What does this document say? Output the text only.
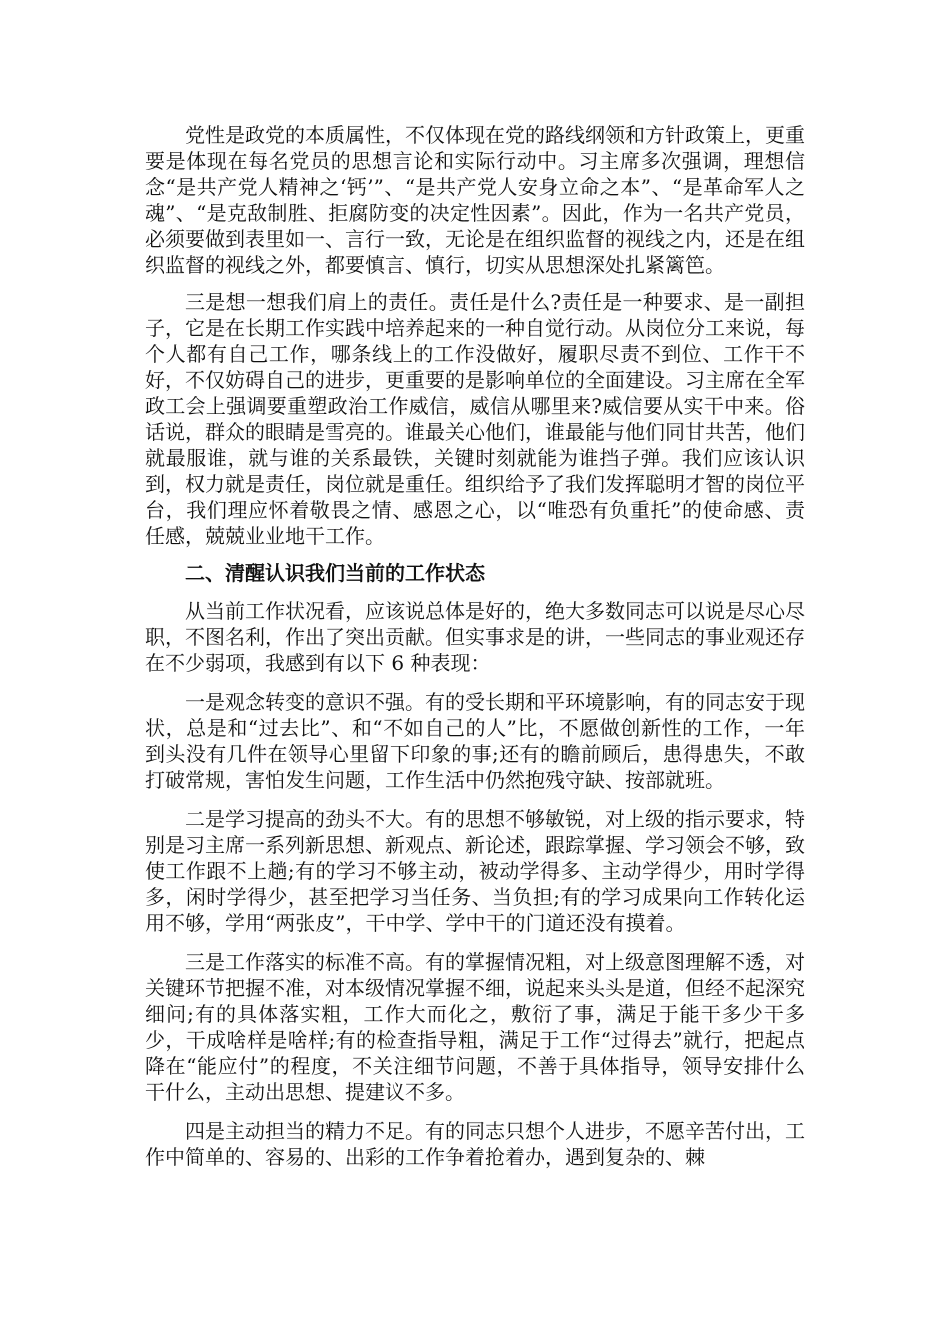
党性是政党的本质属性，不仅体现在党的路线纲领和方针政策上，更重要是体现在每名党员的思想言论和实际行动中。习主席多次强调，理想信念“是共产党人精神之‘钙’”、“是共产党人安身立命之本”、“是革命军人之魂”、“是克敌制胜、拒腐防变的决定性因素”。因此，作为一名共产党员，必须要做到表里如一、言行一致，无论是在组织监督的视线之内，还是在组织监督的视线之外，都要慎言、慎行，切实从思想深处扎紧篱笆。

三是想一想我们肩上的责任。责任是什么?责任是一种要求、是一副担子，它是在长期工作实践中培养起来的一种自觉行动。从岗位分工来说，每个人都有自己工作，哪条线上的工作没做好，履职尽责不到位、工作干不好，不仅妨碍自己的进步，更重要的是影响单位的全面建设。习主席在全军政工会上强调要重塑政治工作威信，威信从哪里来?威信要从实干中来。俗话说，群众的眼睛是雪亮的。谁最关心他们，谁最能与他们同甘共苦，他们就最服谁，就与谁的关系最铁，关键时刻就能为谁挡子弹。我们应该认识到，权力就是责任，岗位就是重任。组织给予了我们发挥聪明才智的岗位平台，我们理应怀着敬畏之情、感恩之心，以“唯恐有负重托”的使命感、责任感，兢兢业业地干工作。

二、清醒认识我们当前的工作状态

从当前工作状况看，应该说总体是好的，绝大多数同志可以说是尽心尽职，不图名利，作出了突出贡献。但实事求是的讲，一些同志的事业观还存在不少弱项，我感到有以下 6 种表现：

一是观念转变的意识不强。有的受长期和平环境影响，有的同志安于现状，总是和“过去比”、和“不如自己的人”比，不愿做创新性的工作，一年到头没有几件在领导心里留下印象的事;还有的瞻前顾后，患得患失，不敢打破常规，害怕发生问题，工作生活中仍然抱残守缺、按部就班。

二是学习提高的劲头不大。有的思想不够敏锐，对上级的指示要求，特别是习主席一系列新思想、新观点、新论述，跟踪掌握、学习领会不够，致使工作跟不上趟;有的学习不够主动，被动学得多、主动学得少，用时学得多，闲时学得少，甚至把学习当任务、当负担;有的学习成果向工作转化运用不够，学用“两张皮”，干中学、学中干的门道还没有摸着。

三是工作落实的标准不高。有的掌握情况粗，对上级意图理解不透，对关键环节把握不准，对本级情况掌握不细，说起来头头是道，但经不起深究细问;有的具体落实粗，工作大而化之，敷衍了事，满足于能干多少干多少，干成啥样是啥样;有的检查指导粗，满足于工作“过得去”就行，把起点降在“能应付”的程度，不关注细节问题，不善于具体指导，领导安排什么干什么，主动出思想、提建议不多。

四是主动担当的精力不足。有的同志只想个人进步，不愿辛苦付出，工作中简单的、容易的、出彩的工作争着抢着办，遇到复杂的、棘
